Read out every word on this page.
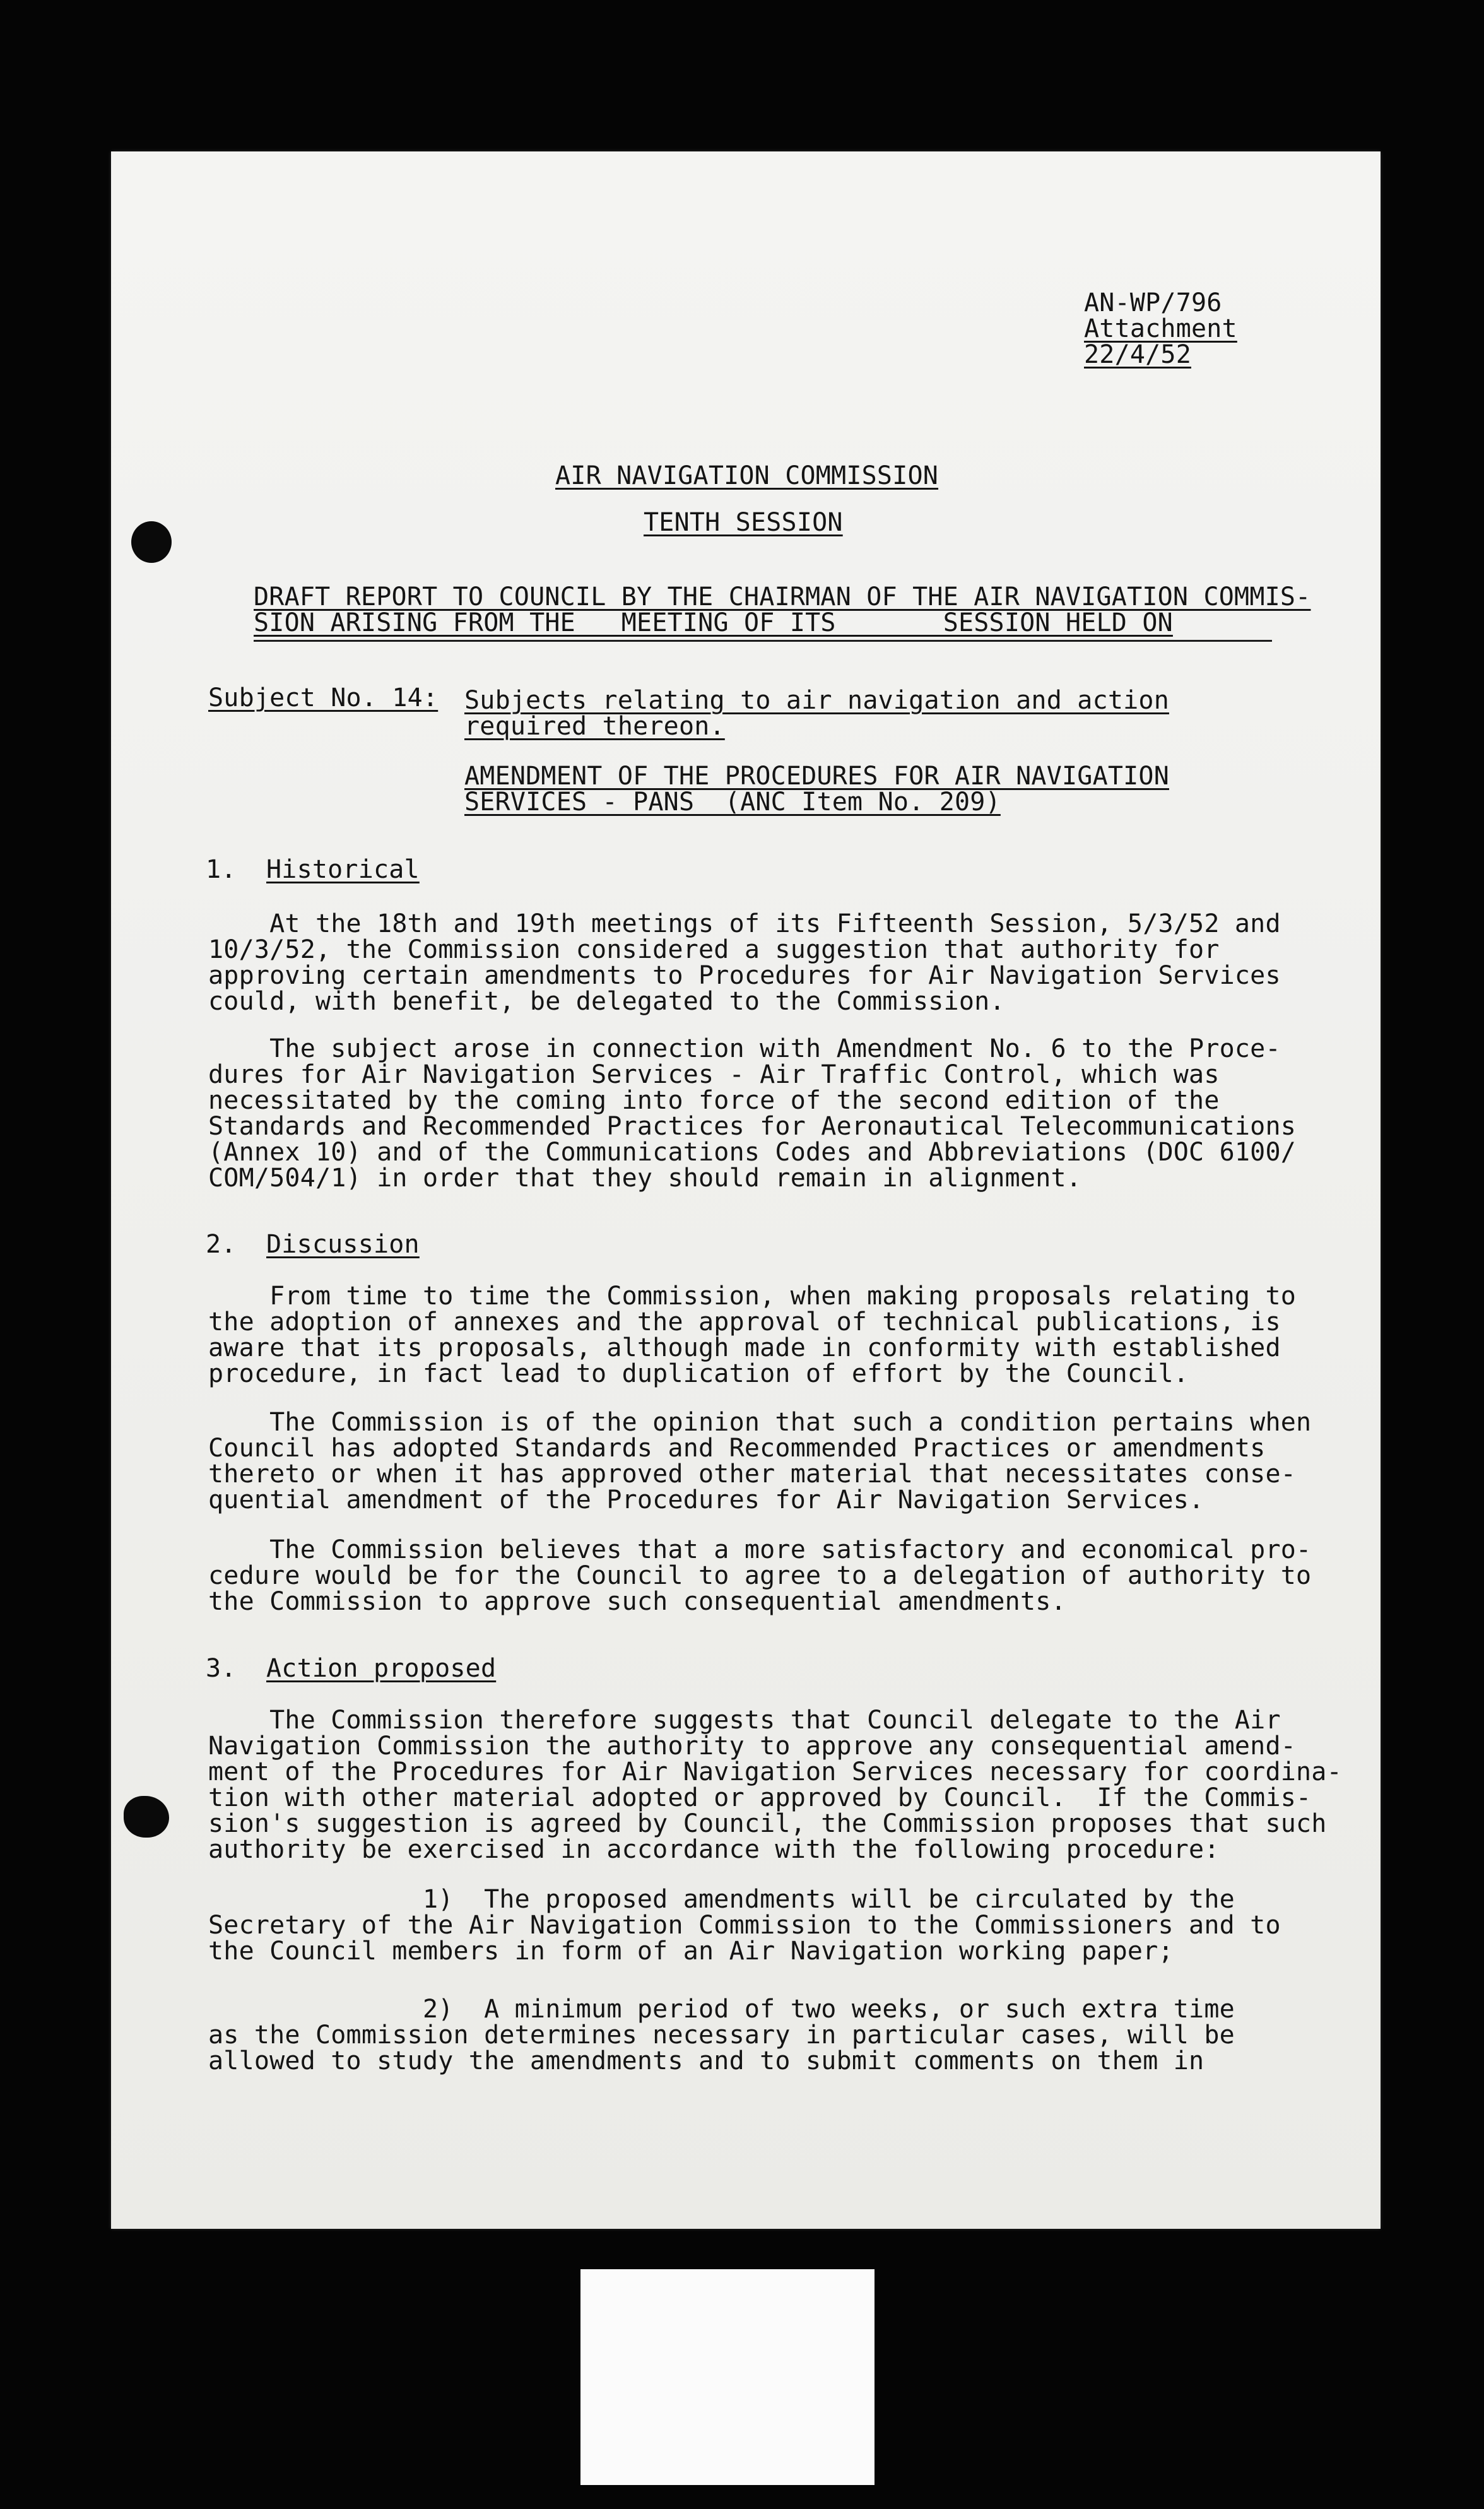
AN-WP/796
Attachment
22/4/52
AIR NAVIGATION COMMISSION
TENTH SESSION
DRAFT REPORT TO COUNCIL BY THE CHAIRMAN OF THE AIR NAVIGATION COMMIS-
SION ARISING FROM THE   MEETING OF ITS       SESSION HELD ON
Subject No. 14: Subjects relating to air navigation and action
required thereon.
AMENDMENT OF THE PROCEDURES FOR AIR NAVIGATION
SERVICES - PANS  (ANC Item No. 209)
1. Historical
At the 18th and 19th meetings of its Fifteenth Session, 5/3/52 and
10/3/52, the Commission considered a suggestion that authority for
approving certain amendments to Procedures for Air Navigation Services
could, with benefit, be delegated to the Commission.
The subject arose in connection with Amendment No. 6 to the Proce-
dures for Air Navigation Services - Air Traffic Control, which was
necessitated by the coming into force of the second edition of the
Standards and Recommended Practices for Aeronautical Telecommunications
(Annex 10) and of the Communications Codes and Abbreviations (DOC 6100/
COM/504/1) in order that they should remain in alignment.
2. Discussion
From time to time the Commission, when making proposals relating to
the adoption of annexes and the approval of technical publications, is
aware that its proposals, although made in conformity with established
procedure, in fact lead to duplication of effort by the Council.
The Commission is of the opinion that such a condition pertains when
Council has adopted Standards and Recommended Practices or amendments
thereto or when it has approved other material that necessitates conse-
quential amendment of the Procedures for Air Navigation Services.
The Commission believes that a more satisfactory and economical pro-
cedure would be for the Council to agree to a delegation of authority to
the Commission to approve such consequential amendments.
3. Action proposed
The Commission therefore suggests that Council delegate to the Air
Navigation Commission the authority to approve any consequential amend-
ment of the Procedures for Air Navigation Services necessary for coordina-
tion with other material adopted or approved by Council.  If the Commis-
sion's suggestion is agreed by Council, the Commission proposes that such
authority be exercised in accordance with the following procedure:
1)  The proposed amendments will be circulated by the
Secretary of the Air Navigation Commission to the Commissioners and to
the Council members in form of an Air Navigation working paper;
2)  A minimum period of two weeks, or such extra time
as the Commission determines necessary in particular cases, will be
allowed to study the amendments and to submit comments on them in
